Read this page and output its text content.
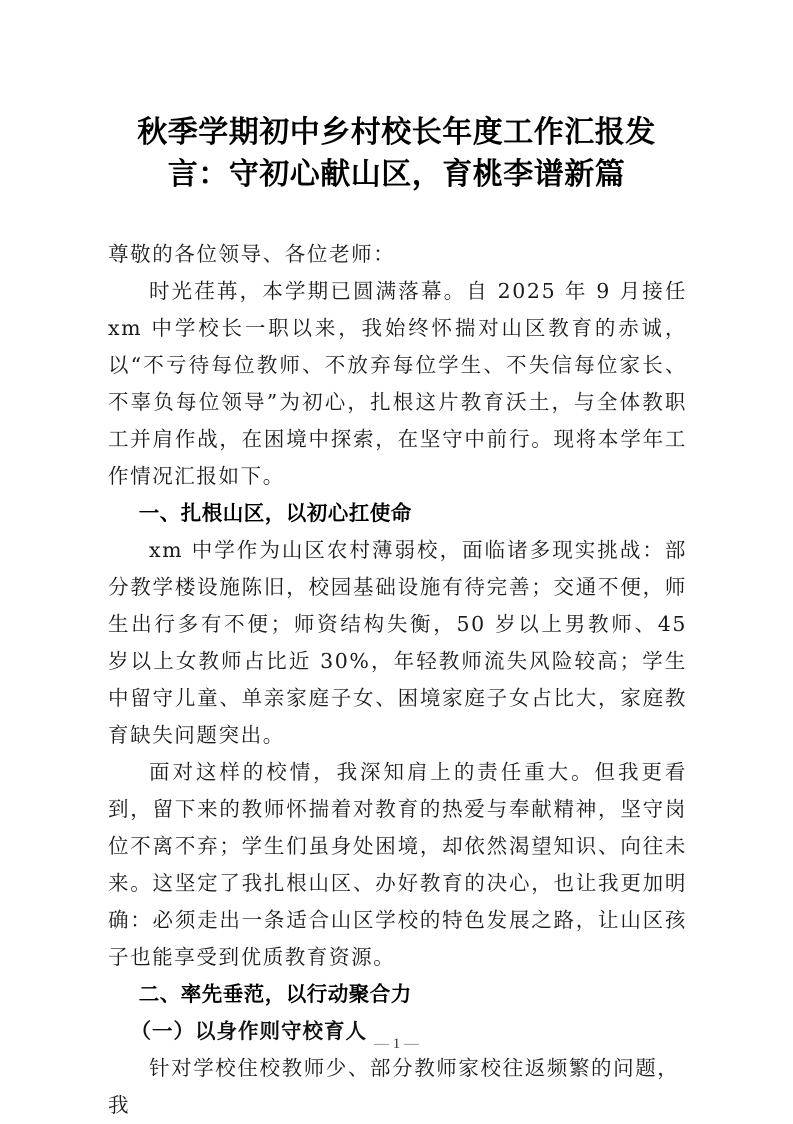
秋季学期初中乡村校长年度工作汇报发
言：守初心献山区，育桃李谱新篇

尊敬的各位领导、各位老师：

时光荏苒，本学期已圆满落幕。自 2025 年 9 月接任 xm 中学校长一职以来，我始终怀揣对山区教育的赤诚，以“不亏待每位教师、不放弃每位学生、不失信每位家长、不辜负每位领导”为初心，扎根这片教育沃土，与全体教职工并肩作战，在困境中探索，在坚守中前行。现将本学年工作情况汇报如下。

一、扎根山区，以初心扛使命

xm 中学作为山区农村薄弱校，面临诸多现实挑战：部分教学楼设施陈旧，校园基础设施有待完善；交通不便，师生出行多有不便；师资结构失衡，50 岁以上男教师、45 岁以上女教师占比近 30%，年轻教师流失风险较高；学生中留守儿童、单亲家庭子女、困境家庭子女占比大，家庭教育缺失问题突出。

面对这样的校情，我深知肩上的责任重大。但我更看到，留下来的教师怀揣着对教育的热爱与奉献精神，坚守岗位不离不弃；学生们虽身处困境，却依然渴望知识、向往未来。这坚定了我扎根山区、办好教育的决心，也让我更加明确：必须走出一条适合山区学校的特色发展之路，让山区孩子也能享受到优质教育资源。

二、率先垂范，以行动聚合力

（一）以身作则守校育人

针对学校住校教师少、部分教师家校往返频繁的问题，我

— 1 —
